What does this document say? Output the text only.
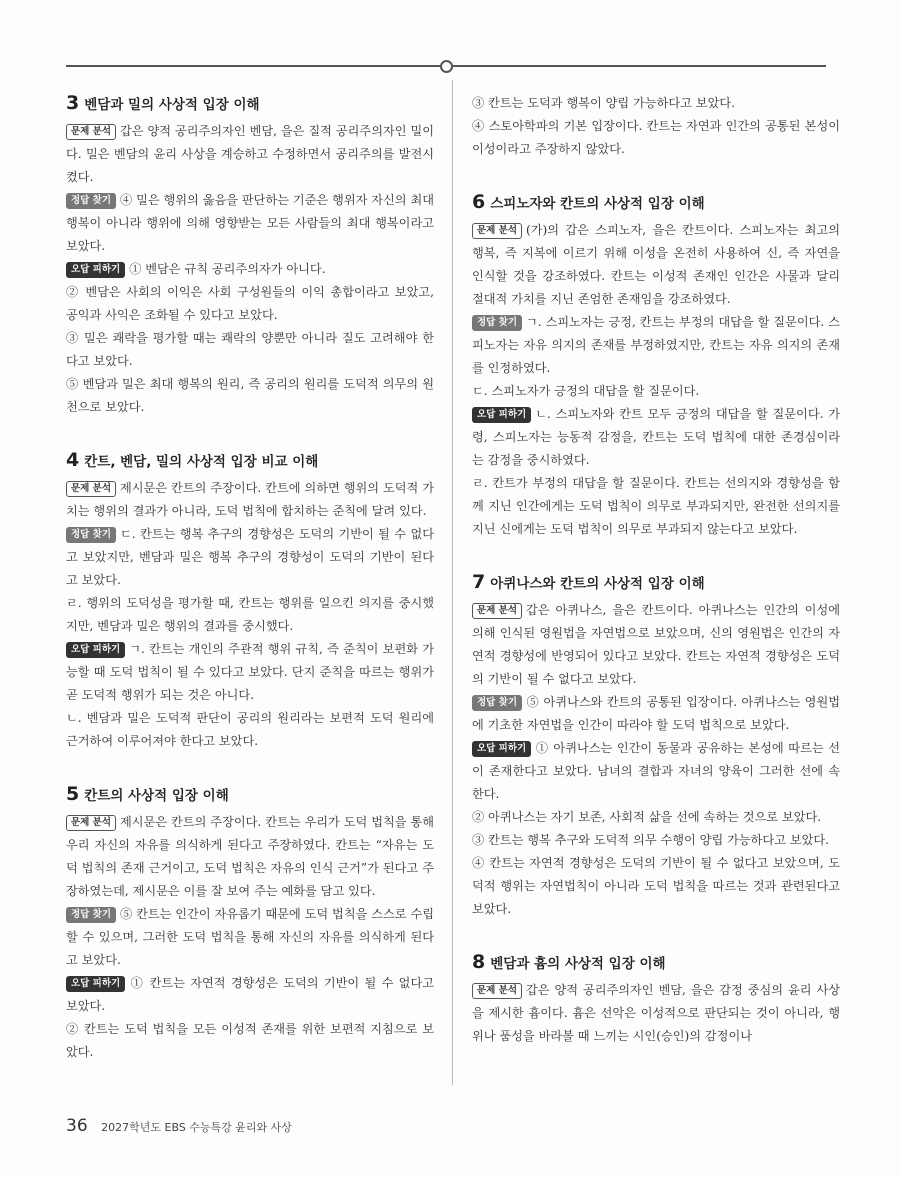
3 벤담과 밀의 사상적 입장 이해

문제 분석 갑은 양적 공리주의자인 벤담, 을은 질적 공리주의자인 밀이다. 밀은 벤담의 윤리 사상을 계승하고 수정하면서 공리주의를 발전시켰다.

정답 찾기 ④ 밀은 행위의 옳음을 판단하는 기준은 행위자 자신의 최대 행복이 아니라 행위에 의해 영향받는 모든 사람들의 최대 행복이라고 보았다.

오답 피하기 ① 벤담은 규칙 공리주의자가 아니다.

② 벤담은 사회의 이익은 사회 구성원들의 이익 총합이라고 보았고, 공익과 사익은 조화될 수 있다고 보았다.

③ 밀은 쾌락을 평가할 때는 쾌락의 양뿐만 아니라 질도 고려해야 한다고 보았다.

⑤ 벤담과 밀은 최대 행복의 원리, 즉 공리의 원리를 도덕적 의무의 원천으로 보았다.

4 칸트, 벤담, 밀의 사상적 입장 비교 이해

문제 분석 제시문은 칸트의 주장이다. 칸트에 의하면 행위의 도덕적 가치는 행위의 결과가 아니라, 도덕 법칙에 합치하는 준칙에 달려 있다.

정답 찾기 ㄷ. 칸트는 행복 추구의 경향성은 도덕의 기반이 될 수 없다고 보았지만, 벤담과 밀은 행복 추구의 경향성이 도덕의 기반이 된다고 보았다.

ㄹ. 행위의 도덕성을 평가할 때, 칸트는 행위를 일으킨 의지를 중시했지만, 벤담과 밀은 행위의 결과를 중시했다.

오답 피하기 ㄱ. 칸트는 개인의 주관적 행위 규칙, 즉 준칙이 보편화 가능할 때 도덕 법칙이 될 수 있다고 보았다. 단지 준칙을 따르는 행위가 곧 도덕적 행위가 되는 것은 아니다.

ㄴ. 벤담과 밀은 도덕적 판단이 공리의 원리라는 보편적 도덕 원리에 근거하여 이루어져야 한다고 보았다.

5 칸트의 사상적 입장 이해

문제 분석 제시문은 칸트의 주장이다. 칸트는 우리가 도덕 법칙을 통해 우리 자신의 자유를 의식하게 된다고 주장하였다. 칸트는 “자유는 도덕 법칙의 존재 근거이고, 도덕 법칙은 자유의 인식 근거”가 된다고 주장하였는데, 제시문은 이를 잘 보여 주는 예화를 담고 있다.

정답 찾기 ⑤ 칸트는 인간이 자유롭기 때문에 도덕 법칙을 스스로 수립할 수 있으며, 그러한 도덕 법칙을 통해 자신의 자유를 의식하게 된다고 보았다.

오답 피하기 ① 칸트는 자연적 경향성은 도덕의 기반이 될 수 없다고 보았다.

② 칸트는 도덕 법칙을 모든 이성적 존재를 위한 보편적 지침으로 보았다.

③ 칸트는 도덕과 행복이 양립 가능하다고 보았다.

④ 스토아학파의 기본 입장이다. 칸트는 자연과 인간의 공통된 본성이 이성이라고 주장하지 않았다.

6 스피노자와 칸트의 사상적 입장 이해

문제 분석 (가)의 갑은 스피노자, 을은 칸트이다. 스피노자는 최고의 행복, 즉 지복에 이르기 위해 이성을 온전히 사용하여 신, 즉 자연을 인식할 것을 강조하였다. 칸트는 이성적 존재인 인간은 사물과 달리 절대적 가치를 지닌 존엄한 존재임을 강조하였다.

정답 찾기 ㄱ. 스피노자는 긍정, 칸트는 부정의 대답을 할 질문이다. 스피노자는 자유 의지의 존재를 부정하였지만, 칸트는 자유 의지의 존재를 인정하였다.

ㄷ. 스피노자가 긍정의 대답을 할 질문이다.

오답 피하기 ㄴ. 스피노자와 칸트 모두 긍정의 대답을 할 질문이다. 가령, 스피노자는 능동적 감정을, 칸트는 도덕 법칙에 대한 존경심이라는 감정을 중시하였다.

ㄹ. 칸트가 부정의 대답을 할 질문이다. 칸트는 선의지와 경향성을 함께 지닌 인간에게는 도덕 법칙이 의무로 부과되지만, 완전한 선의지를 지닌 신에게는 도덕 법칙이 의무로 부과되지 않는다고 보았다.

7 아퀴나스와 칸트의 사상적 입장 이해

문제 분석 갑은 아퀴나스, 을은 칸트이다. 아퀴나스는 인간의 이성에 의해 인식된 영원법을 자연법으로 보았으며, 신의 영원법은 인간의 자연적 경향성에 반영되어 있다고 보았다. 칸트는 자연적 경향성은 도덕의 기반이 될 수 없다고 보았다.

정답 찾기 ⑤ 아퀴나스와 칸트의 공통된 입장이다. 아퀴나스는 영원법에 기초한 자연법을 인간이 따라야 할 도덕 법칙으로 보았다.

오답 피하기 ① 아퀴나스는 인간이 동물과 공유하는 본성에 따르는 선이 존재한다고 보았다. 남녀의 결합과 자녀의 양육이 그러한 선에 속한다.

② 아퀴나스는 자기 보존, 사회적 삶을 선에 속하는 것으로 보았다.

③ 칸트는 행복 추구와 도덕적 의무 수행이 양립 가능하다고 보았다.

④ 칸트는 자연적 경향성은 도덕의 기반이 될 수 없다고 보았으며, 도덕적 행위는 자연법칙이 아니라 도덕 법칙을 따르는 것과 관련된다고 보았다.

8 벤담과 흄의 사상적 입장 이해

문제 분석 갑은 양적 공리주의자인 벤담, 을은 감정 중심의 윤리 사상을 제시한 흄이다. 흄은 선악은 이성적으로 판단되는 것이 아니라, 행위나 품성을 바라볼 때 느끼는 시인(승인)의 감정이나

36 2027학년도 EBS 수능특강 윤리와 사상
